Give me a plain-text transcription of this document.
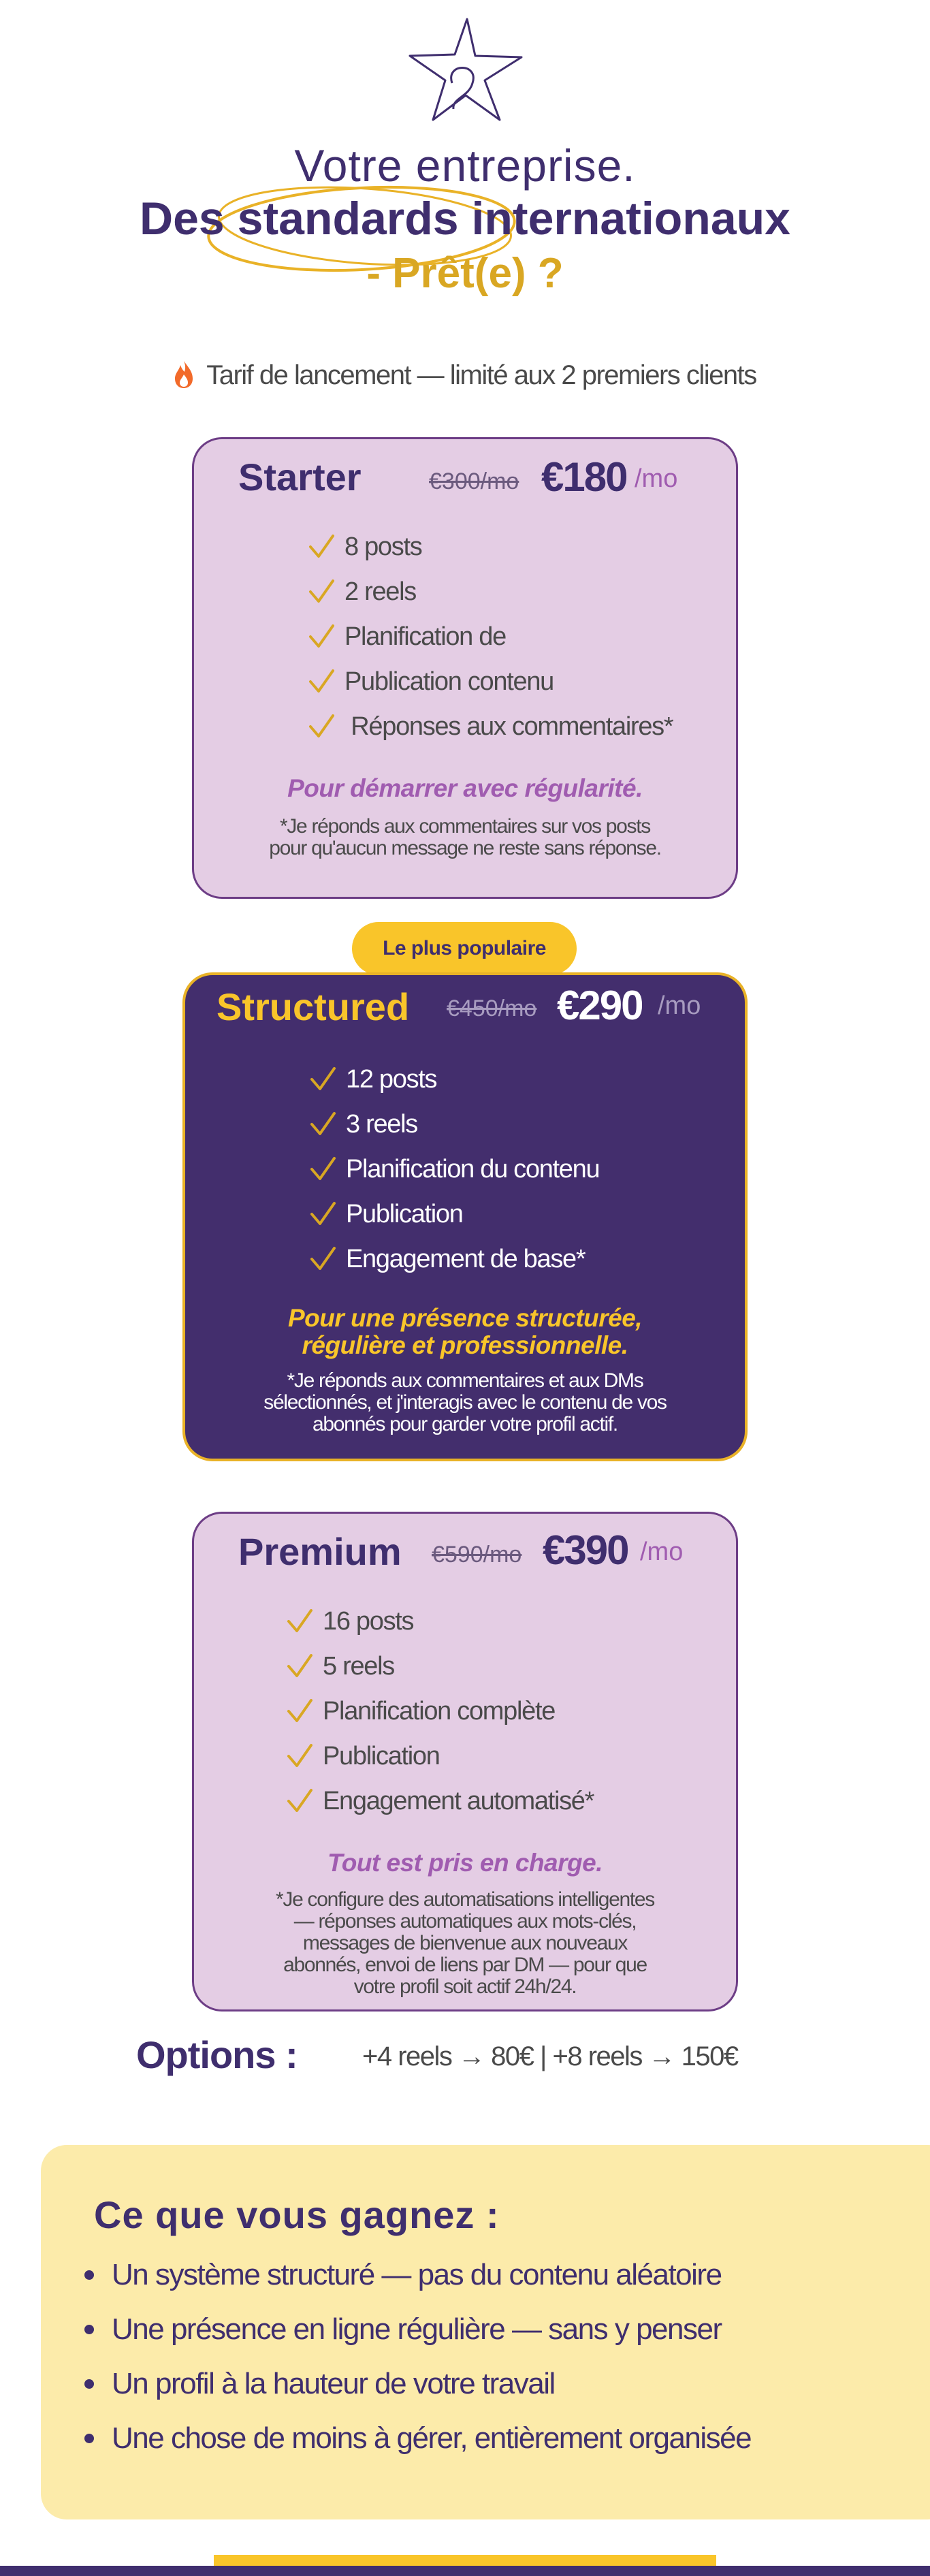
Votre entreprise.
Des standards internationaux
- Prêt(e) ?
Tarif de lancement — limité aux 2 premiers clients
Starter	€300/mo €180 /mo
8 posts
2 reels
Planification de
Publication contenu
Réponses aux commentaires*
Pour démarrer avec régularité.
*Je réponds aux commentaires sur vos posts
pour qu'aucun message ne reste sans réponse.
Le plus populaire
Structured €450/mo €290 /mo
12 posts
3 reels
Planification du contenu
Publication
Engagement de base*
Pour une présence structurée,
régulière et professionnelle.
*Je réponds aux commentaires et aux DMs
sélectionnés, et j'interagis avec le contenu de vos
abonnés pour garder votre profil actif.
Premium €590/mo €390 /mo
16 posts
5 reels
Planification complète
Publication
Engagement automatisé*
Tout est pris en charge.
*Je configure des automatisations intelligentes
— réponses automatiques aux mots-clés,
messages de bienvenue aux nouveaux
abonnés, envoi de liens par DM — pour que
votre profil soit actif 24h/24.
Options : +4 reels → 80€ | +8 reels → 150€
Ce que vous gagnez :
Un système structuré — pas du contenu aléatoire
Une présence en ligne régulière — sans y penser
Un profil à la hauteur de votre travail
Une chose de moins à gérer, entièrement organisée
